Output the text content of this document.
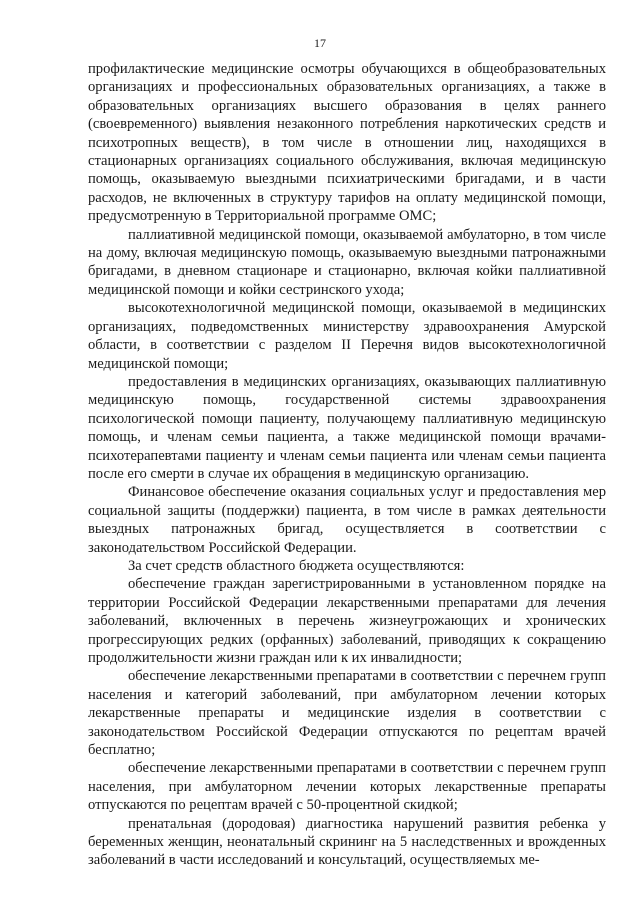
17

профилактические медицинские осмотры обучающихся в общеобразовательных организациях и профессиональных образовательных организациях, а также в образовательных организациях высшего образования в целях раннего (своевременного) выявления незаконного потребления наркотических средств и психотропных веществ), в том числе в отношении лиц, находящихся в стационарных организациях социального обслуживания, включая медицинскую помощь, оказываемую выездными психиатрическими бригадами, и в части расходов, не включенных в структуру тарифов на оплату медицинской помощи, предусмотренную в Территориальной программе ОМС;

паллиативной медицинской помощи, оказываемой амбулаторно, в том числе на дому, включая медицинскую помощь, оказываемую выездными патронажными бригадами, в дневном стационаре и стационарно, включая койки паллиативной медицинской помощи и койки сестринского ухода;

высокотехнологичной медицинской помощи, оказываемой в медицинских организациях, подведомственных министерству здравоохранения Амурской области, в соответствии с разделом II Перечня видов высокотехнологичной медицинской помощи;

предоставления в медицинских организациях, оказывающих паллиативную медицинскую помощь, государственной системы здравоохранения психологической помощи пациенту, получающему паллиативную медицинскую помощь, и членам семьи пациента, а также медицинской помощи врачами-психотерапевтами пациенту и членам семьи пациента или членам семьи пациента после его смерти в случае их обращения в медицинскую организацию.

Финансовое обеспечение оказания социальных услуг и предоставления мер социальной защиты (поддержки) пациента, в том числе в рамках деятельности выездных патронажных бригад, осуществляется в соответствии с законодательством Российской Федерации.

За счет средств областного бюджета осуществляются:

обеспечение граждан зарегистрированными в установленном порядке на территории Российской Федерации лекарственными препаратами для лечения заболеваний, включенных в перечень жизнеугрожающих и хронических прогрессирующих редких (орфанных) заболеваний, приводящих к сокращению продолжительности жизни граждан или к их инвалидности;

обеспечение лекарственными препаратами в соответствии с перечнем групп населения и категорий заболеваний, при амбулаторном лечении которых лекарственные препараты и медицинские изделия в соответствии с законодательством Российской Федерации отпускаются по рецептам врачей бесплатно;

обеспечение лекарственными препаратами в соответствии с перечнем групп населения, при амбулаторном лечении которых лекарственные препараты отпускаются по рецептам врачей с 50-процентной скидкой;

пренатальная (дородовая) диагностика нарушений развития ребенка у беременных женщин, неонатальный скрининг на 5 наследственных и врожденных заболеваний в части исследований и консультаций, осуществляемых ме-
